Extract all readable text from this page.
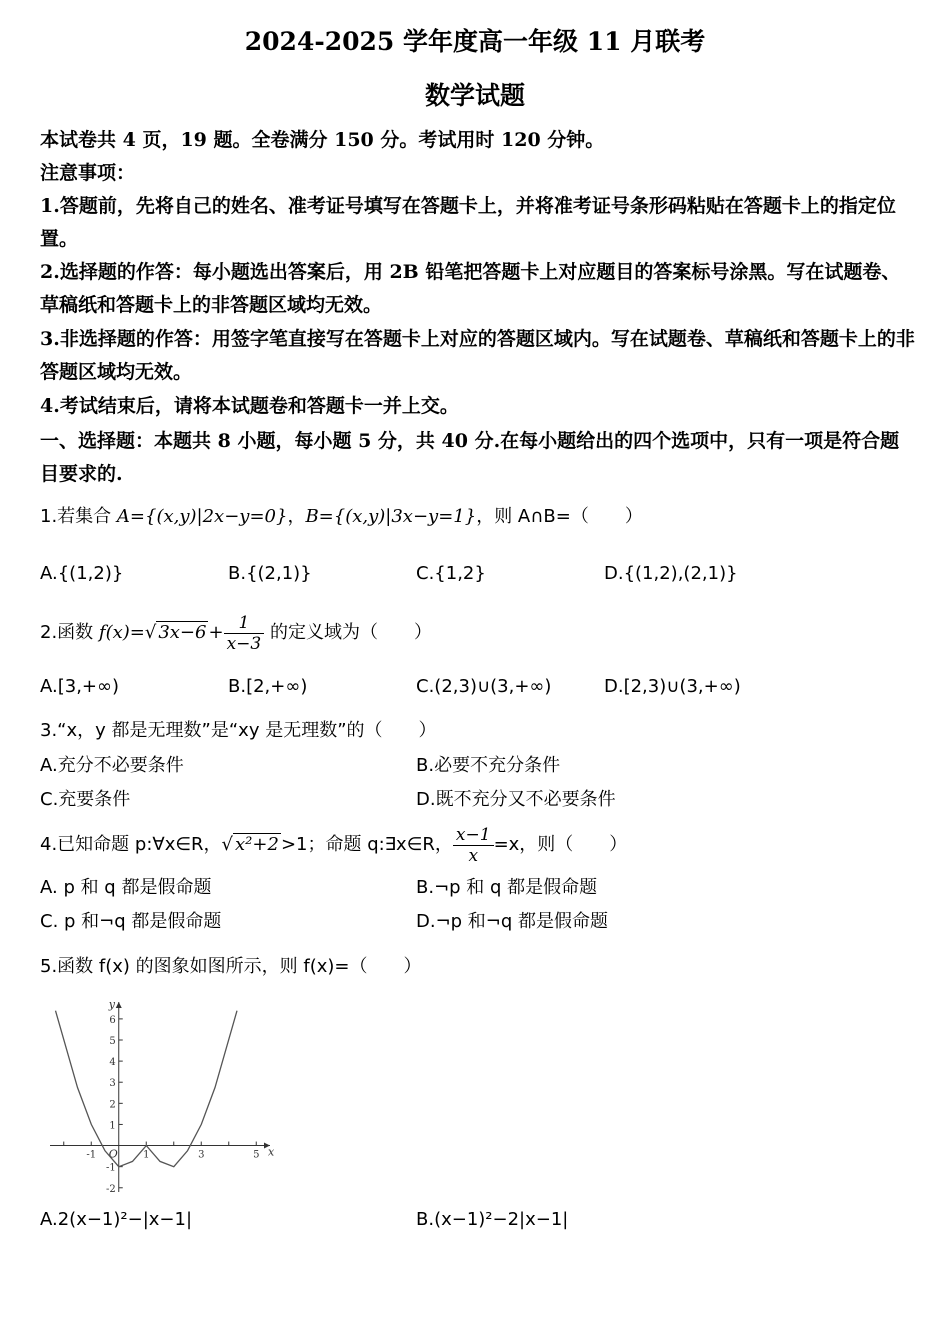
2024-2025 学年度高一年级 11 月联考
数学试题
本试卷共 4 页，19 题。全卷满分 150 分。考试用时 120 分钟。
注意事项：
1.答题前，先将自己的姓名、准考证号填写在答题卡上，并将准考证号条形码粘贴在答题卡上的指定位置。
2.选择题的作答：每小题选出答案后，用 2B 铅笔把答题卡上对应题目的答案标号涂黑。写在试题卷、草稿纸和答题卡上的非答题区域均无效。
3.非选择题的作答：用签字笔直接写在答题卡上对应的答题区域内。写在试题卷、草稿纸和答题卡上的非答题区域均无效。
4.考试结束后，请将本试题卷和答题卡一并上交。
一、选择题：本题共 8 小题，每小题 5 分，共 40 分.在每小题给出的四个选项中，只有一项是符合题目要求的.
1.若集合 A={(x,y)|2x−y=0}，B={(x,y)|3x−y=1}，则 A∩B=（　　）
A.{(1,2)}	B.{(2,1)}	C.{1,2}	D.{(1,2),(2,1)}
2.函数 f(x)=√ $3x-6 + \frac{1}{x-3}$ 的定义域为（　　）
A.[3,+∞)	B.[2,+∞)	C.(2,3)∪(3,+∞)	D.[2,3)∪(3,+∞)
3.“x，y 都是无理数”是“xy 是无理数”的（　　）
A.充分不必要条件	B.必要不充分条件
C.充要条件	D.既不充分又不必要条件
4.已知命题 p:∀x∈R，√ x²+2 >1；命题 q:∃x∈R， $\frac{x-1}{x} =x$，则（　　）
A. p 和 q 都是假命题	B.¬p 和 q 都是假命题
C. p 和¬q 都是假命题	D.¬p 和¬q 都是假命题
5.函数 f(x) 的图象如图所示，则 f(x)=（　　）
-1	1	3	5
-2
-1
1
2
3
4
5
6
x
y
O
A.2(x−1)²−|x−1|	B.(x−1)²−2|x−1|
